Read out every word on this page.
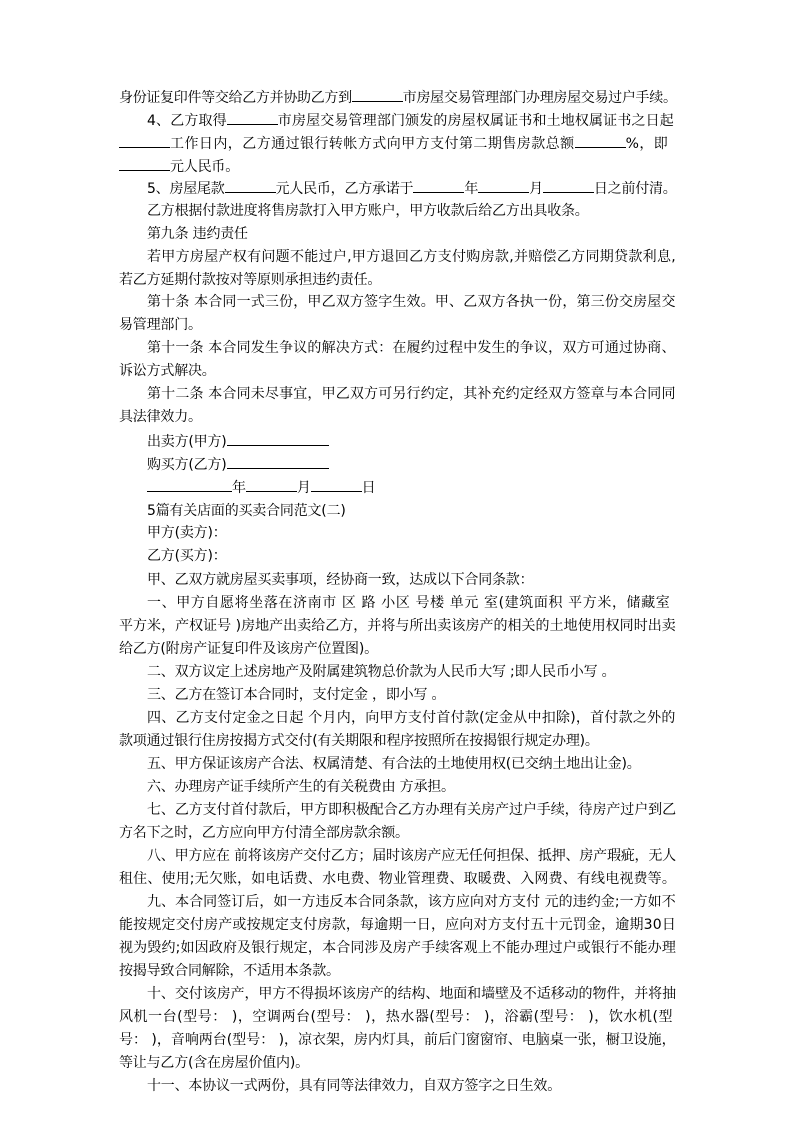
身份证复印件等交给乙方并协助乙方到	市房屋交易管理部门办理房屋交易过户手续。
4、乙方取得	市房屋交易管理部门颁发的房屋权属证书和土地权属证书之日起
工作日内，乙方通过银行转帐方式向甲方支付第二期售房款总额	%，即
元人民币。
5、房屋尾款	元人民币，乙方承诺于	年	月	日之前付清。
乙方根据付款进度将售房款打入甲方账户，甲方收款后给乙方出具收条。
第九条 违约责任
若甲方房屋产权有问题不能过户,甲方退回乙方支付购房款,并赔偿乙方同期贷款利息,
若乙方延期付款按对等原则承担违约责任。
第十条 本合同一式三份，甲乙双方签字生效。甲、乙双方各执一份，第三份交房屋交
易管理部门。
第十一条 本合同发生争议的解决方式：在履约过程中发生的争议，双方可通过协商、
诉讼方式解决。
第十二条 本合同未尽事宜，甲乙双方可另行约定，其补充约定经双方签章与本合同同
具法律效力。
出卖方(甲方)
购买方(乙方)
年	月	日
5篇有关店面的买卖合同范文(二)
甲方(卖方)：
乙方(买方)：
甲、乙双方就房屋买卖事项，经协商一致，达成以下合同条款：
一、甲方自愿将坐落在济南市 区 路 小区 号楼 单元 室(建筑面积 平方米，储藏室
平方米，产权证号 )房地产出卖给乙方，并将与所出卖该房产的相关的土地使用权同时出卖
给乙方(附房产证复印件及该房产位置图)。
二、双方议定上述房地产及附属建筑物总价款为人民币大写 ;即人民币小写 。
三、乙方在签订本合同时，支付定金 ，即小写 。
四、乙方支付定金之日起 个月内，向甲方支付首付款(定金从中扣除)，首付款之外的
款项通过银行住房按揭方式交付(有关期限和程序按照所在按揭银行规定办理)。
五、甲方保证该房产合法、权属清楚、有合法的土地使用权(已交纳土地出让金)。
六、办理房产证手续所产生的有关税费由 方承担。
七、乙方支付首付款后，甲方即积极配合乙方办理有关房产过户手续，待房产过户到乙
方名下之时，乙方应向甲方付清全部房款余额。
八、甲方应在 前将该房产交付乙方；届时该房产应无任何担保、抵押、房产瑕疵，无人
租住、使用;无欠账，如电话费、水电费、物业管理费、取暖费、入网费、有线电视费等。
九、本合同签订后，如一方违反本合同条款，该方应向对方支付 元的违约金;一方如不
能按规定交付房产或按规定支付房款，每逾期一日，应向对方支付五十元罚金，逾期30日
视为毁约;如因政府及银行规定，本合同涉及房产手续客观上不能办理过户或银行不能办理
按揭导致合同解除，不适用本条款。
十、交付该房产，甲方不得损坏该房产的结构、地面和墙壁及不适移动的物件，并将抽
风机一台(型号： )，空调两台(型号： )，热水器(型号： )，浴霸(型号： )，饮水机(型
号： )，音响两台(型号： )，凉衣架，房内灯具，前后门窗窗帘、电脑桌一张，橱卫设施，
等让与乙方(含在房屋价值内)。
十一、本协议一式两份，具有同等法律效力，自双方签字之日生效。
